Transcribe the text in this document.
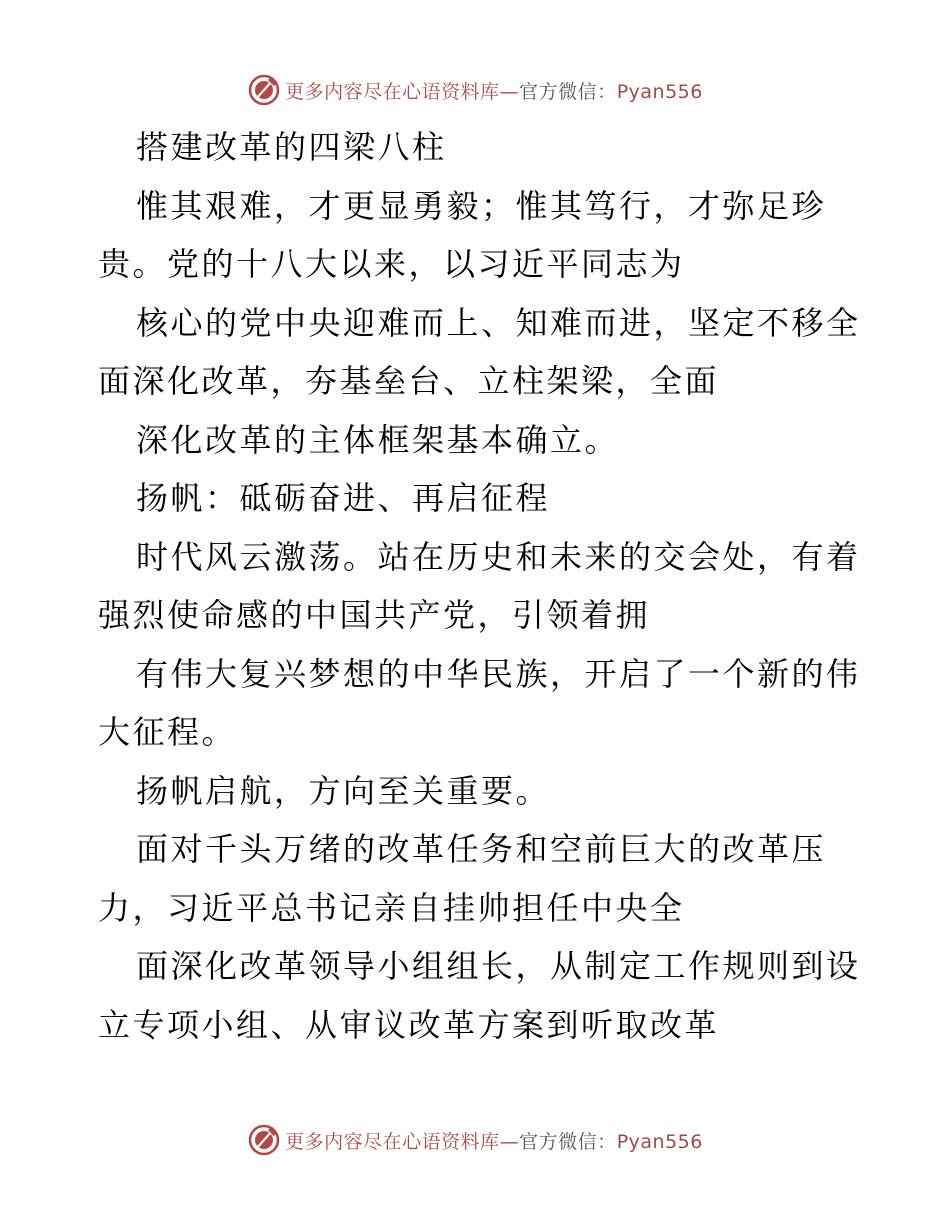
更多内容尽在心语资料库—官方微信：Pyan556
搭建改革的四梁八柱
惟其艰难，才更显勇毅；惟其笃行，才弥足珍
贵。党的十八大以来，以习近平同志为
核心的党中央迎难而上、知难而进，坚定不移全
面深化改革，夯基垒台、立柱架梁，全面
深化改革的主体框架基本确立。
扬帆：砥砺奋进、再启征程
时代风云激荡。站在历史和未来的交会处，有着
强烈使命感的中国共产党，引领着拥
有伟大复兴梦想的中华民族，开启了一个新的伟
大征程。
扬帆启航，方向至关重要。
面对千头万绪的改革任务和空前巨大的改革压
力，习近平总书记亲自挂帅担任中央全
面深化改革领导小组组长，从制定工作规则到设
立专项小组、从审议改革方案到听取改革
更多内容尽在心语资料库—官方微信：Pyan556
